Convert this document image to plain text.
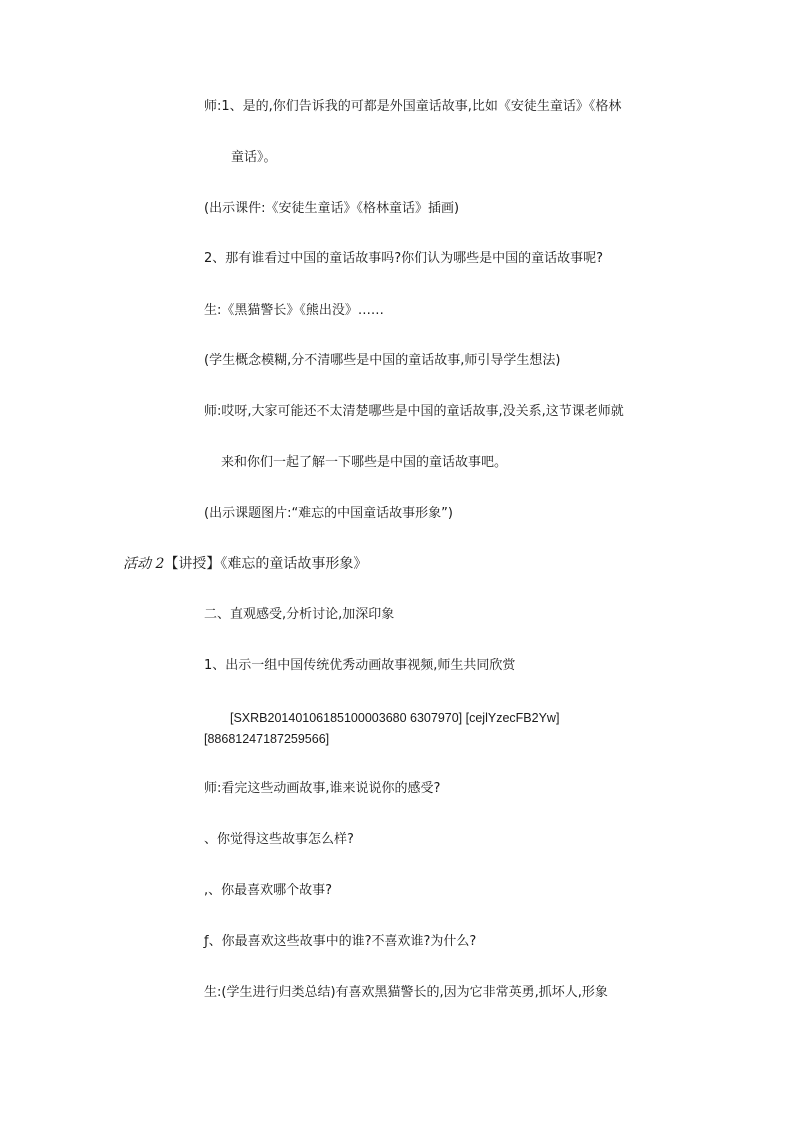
师:1、是的,你们告诉我的可都是外国童话故事,比如《安徒生童话》《格林
童话》。
(出示课件:《安徒生童话》《格林童话》插画)
2、那有谁看过中国的童话故事吗?你们认为哪些是中国的童话故事呢?
生:《黑猫警长》《熊出没》……
(学生概念模糊,分不清哪些是中国的童话故事,师引导学生想法)
师:哎呀,大家可能还不太清楚哪些是中国的童话故事,没关系,这节课老师就
来和你们一起了解一下哪些是中国的童话故事吧。
(出示课题图片:“难忘的中国童话故事形象”)
活动 2【讲授】《难忘的童话故事形象》
二、直观感受,分析讨论,加深印象
1、出示一组中国传统优秀动画故事视频,师生共同欣赏
[SXRB20140106185100003680 6307970] [cejlYzecFB2Yw]
[88681247187259566]
师:看完这些动画故事,谁来说说你的感受?
、你觉得这些故事怎么样?
,、你最喜欢哪个故事?
ƒ、你最喜欢这些故事中的谁?不喜欢谁?为什么?
生:(学生进行归类总结)有喜欢黑猫警长的,因为它非常英勇,抓坏人,形象
